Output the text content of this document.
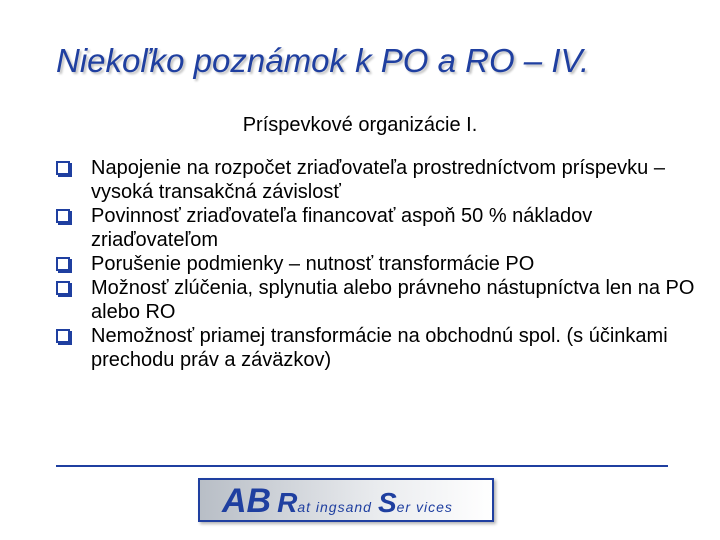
Niekoľko poznámok k PO a RO – IV.
Príspevkové organizácie I.
Napojenie na rozpočet zriaďovateľa prostredníctvom príspevku – vysoká transakčná závislosť
Povinnosť zriaďovateľa financovať aspoň 50 % nákladov zriaďovateľom
Porušenie podmienky – nutnosť transformácie PO
Možnosť zlúčenia, splynutia alebo právneho nástupníctva len na PO alebo RO
Nemožnosť priamej transformácie na obchodnú spol. (s účinkami prechodu práv a záväzkov)
AB R at ingsand S er vices
